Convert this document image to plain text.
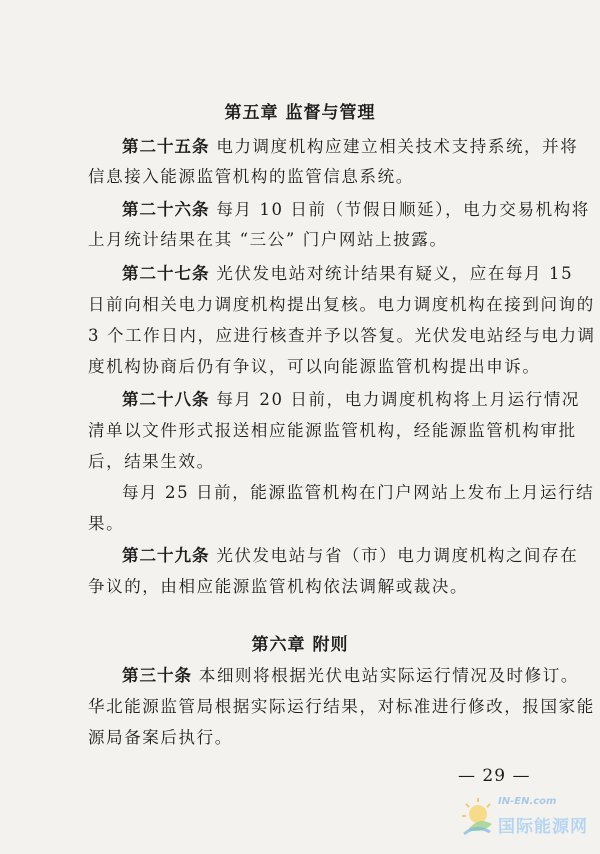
第五章 监督与管理
第二十五条 电力调度机构应建立相关技术支持系统，并将
信息接入能源监管机构的监管信息系统。
第二十六条 每月 10 日前（节假日顺延），电力交易机构将
上月统计结果在其 “三公” 门户网站上披露。
第二十七条 光伏发电站对统计结果有疑义，应在每月 15
日前向相关电力调度机构提出复核。电力调度机构在接到问询的
3 个工作日内，应进行核查并予以答复。光伏发电站经与电力调
度机构协商后仍有争议，可以向能源监管机构提出申诉。
第二十八条 每月 20 日前，电力调度机构将上月运行情况
清单以文件形式报送相应能源监管机构，经能源监管机构审批
后，结果生效。
每月 25 日前，能源监管机构在门户网站上发布上月运行结
果。
第二十九条 光伏发电站与省（市）电力调度机构之间存在
争议的，由相应能源监管机构依法调解或裁决。
第六章 附则
第三十条 本细则将根据光伏电站实际运行情况及时修订。
华北能源监管局根据实际运行结果，对标准进行修改，报国家能
源局备案后执行。
— 29 —
IN-EN.com
国际能源网
